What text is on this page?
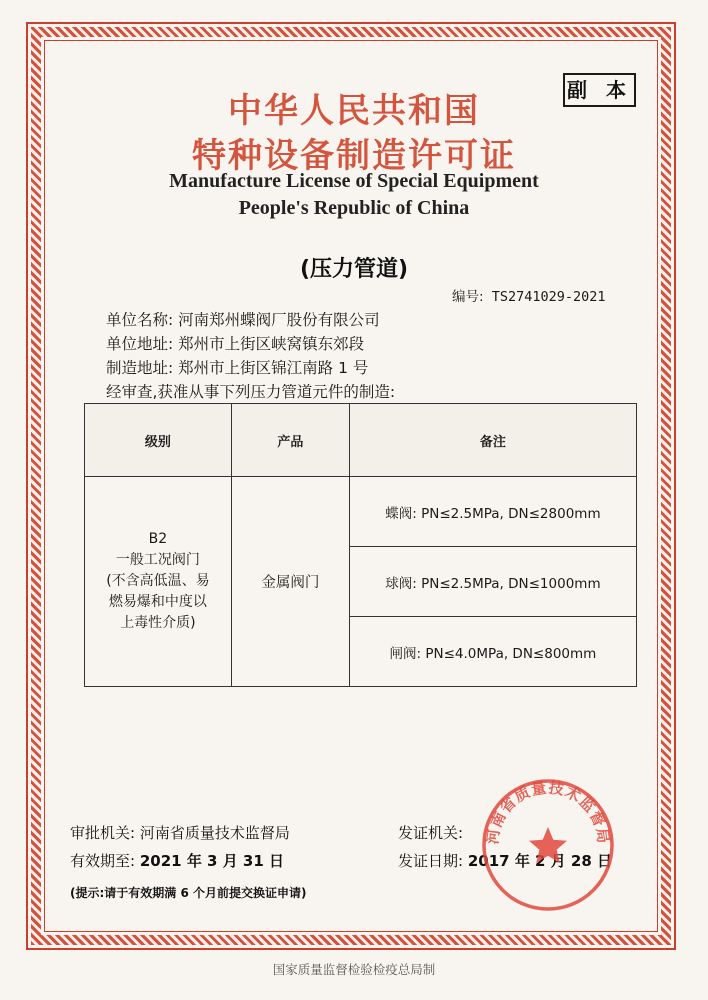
副 本
中华人民共和国
特种设备制造许可证
Manufacture License of Special Equipment
People's Republic of China
(压力管道)
编号: TS2741029-2021
单位名称: 河南郑州蝶阀厂股份有限公司
单位地址: 郑州市上街区峡窝镇东郊段
制造地址: 郑州市上街区锦江南路 1 号
经审查,获准从事下列压力管道元件的制造:
级别	产品	备注

B2
一般工况阀门
(不含高低温、易
燃易爆和中度以
上毒性介质)	金属阀门	蝶阀: PN≤2.5MPa, DN≤2800mm
		球阀: PN≤2.5MPa, DN≤1000mm
		闸阀: PN≤4.0MPa, DN≤800mm
审批机关: 河南省质量技术监督局
有效期至: 2021 年 3 月 31 日
发证机关:
发证日期: 2017 年 2 月 28 日
(提示:请于有效期满 6 个月前提交换证申请)
河南省质量技术监督局
国家质量监督检验检疫总局制
